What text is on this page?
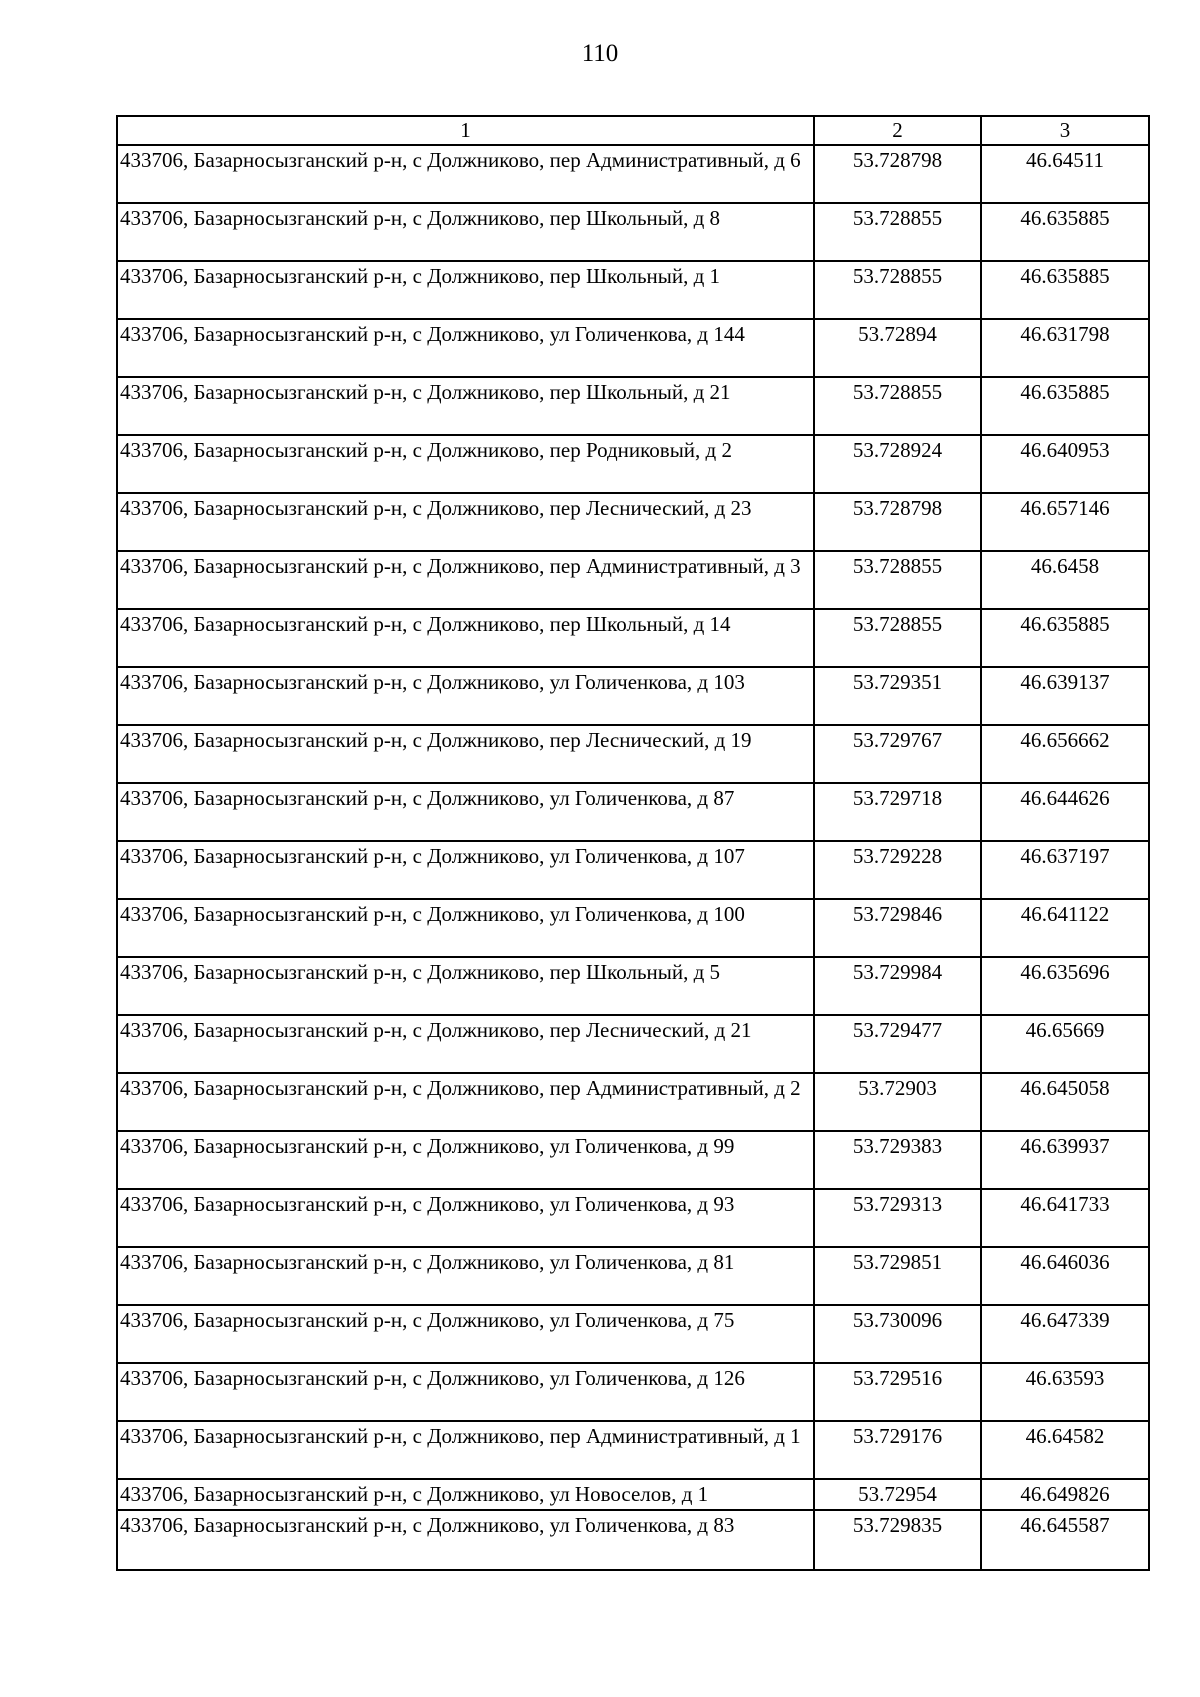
110
1	2	3
433706, Базарносызганский р-н, с Должниково, пер Административный, д 6	53.728798	46.64511
433706, Базарносызганский р-н, с Должниково, пер Школьный, д 8	53.728855	46.635885
433706, Базарносызганский р-н, с Должниково, пер Школьный, д 1	53.728855	46.635885
433706, Базарносызганский р-н, с Должниково, ул Голиченкова, д 144	53.72894	46.631798
433706, Базарносызганский р-н, с Должниково, пер Школьный, д 21	53.728855	46.635885
433706, Базарносызганский р-н, с Должниково, пер Родниковый, д 2	53.728924	46.640953
433706, Базарносызганский р-н, с Должниково, пер Леснический, д 23	53.728798	46.657146
433706, Базарносызганский р-н, с Должниково, пер Административный, д 3	53.728855	46.6458
433706, Базарносызганский р-н, с Должниково, пер Школьный, д 14	53.728855	46.635885
433706, Базарносызганский р-н, с Должниково, ул Голиченкова, д 103	53.729351	46.639137
433706, Базарносызганский р-н, с Должниково, пер Леснический, д 19	53.729767	46.656662
433706, Базарносызганский р-н, с Должниково, ул Голиченкова, д 87	53.729718	46.644626
433706, Базарносызганский р-н, с Должниково, ул Голиченкова, д 107	53.729228	46.637197
433706, Базарносызганский р-н, с Должниково, ул Голиченкова, д 100	53.729846	46.641122
433706, Базарносызганский р-н, с Должниково, пер Школьный, д 5	53.729984	46.635696
433706, Базарносызганский р-н, с Должниково, пер Леснический, д 21	53.729477	46.65669
433706, Базарносызганский р-н, с Должниково, пер Административный, д 2	53.72903	46.645058
433706, Базарносызганский р-н, с Должниково, ул Голиченкова, д 99	53.729383	46.639937
433706, Базарносызганский р-н, с Должниково, ул Голиченкова, д 93	53.729313	46.641733
433706, Базарносызганский р-н, с Должниково, ул Голиченкова, д 81	53.729851	46.646036
433706, Базарносызганский р-н, с Должниково, ул Голиченкова, д 75	53.730096	46.647339
433706, Базарносызганский р-н, с Должниково, ул Голиченкова, д 126	53.729516	46.63593
433706, Базарносызганский р-н, с Должниково, пер Административный, д 1	53.729176	46.64582
433706, Базарносызганский р-н, с Должниково, ул Новоселов, д 1	53.72954	46.649826
433706, Базарносызганский р-н, с Должниково, ул Голиченкова, д 83	53.729835	46.645587
